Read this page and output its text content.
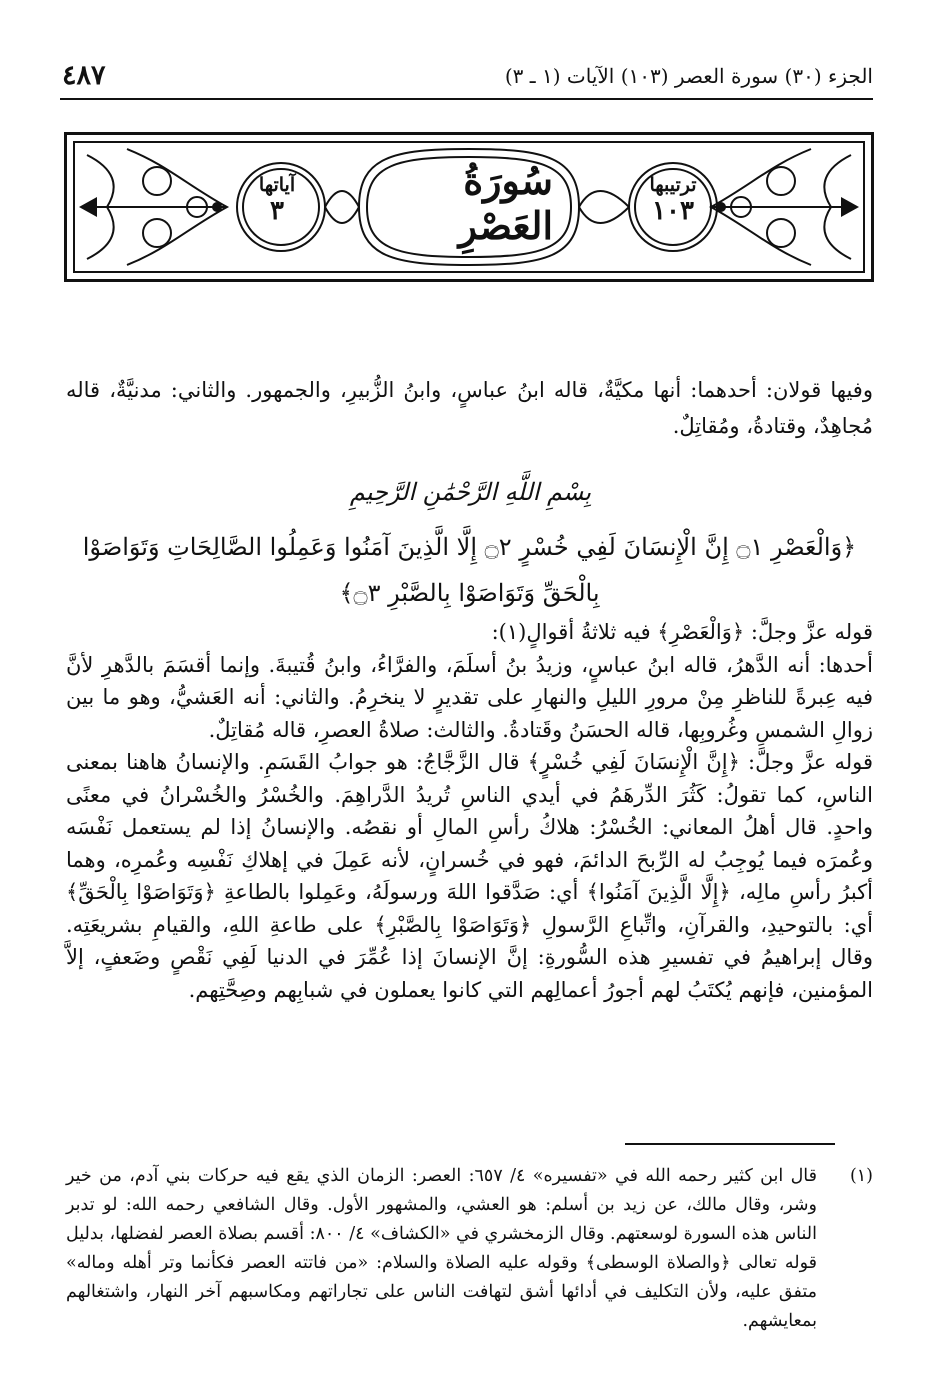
الجزء (٣٠) سورة العصر (١٠٣) الآيات (١ ـ ٣)
٤٨٧
آياتها
٣
سُورَةُ العَصْرِ
ترتيبها
١٠٣
وفيها قولان: أحدهما: أنها مكيَّةٌ، قاله ابنُ عباسٍ، وابنُ الزُّبيرِ، والجمهور. والثاني: مدنيَّةٌ، قاله مُجاهِدٌ، وقتادةُ، ومُقاتِلٌ.
بِسْمِ اللَّهِ الرَّحْمَٰنِ الرَّحِيمِ
﴿وَالْعَصْرِ ۝١ إِنَّ الْإِنسَانَ لَفِي خُسْرٍ ۝٢ إِلَّا الَّذِينَ آمَنُوا وَعَمِلُوا الصَّالِحَاتِ وَتَوَاصَوْا بِالْحَقِّ وَتَوَاصَوْا بِالصَّبْرِ ۝٣﴾

قوله عزَّ وجلَّ: ﴿وَالْعَصْرِ﴾ فيه ثلاثةُ أقوالٍ(١):

أحدها: أنه الدَّهرُ، قاله ابنُ عباسٍ، وزيدُ بنُ أسلَمَ، والفرَّاءُ، وابنُ قُتيبةَ. وإنما أقسَمَ بالدَّهرِ لأنَّ فيه عِبرةً للناظرِ مِنْ مرورِ الليلِ والنهارِ على تقديرٍ لا ينخرِمُ. والثاني: أنه العَشيُّ، وهو ما بين زوالِ الشمسِ وغُروبِها، قاله الحسَنُ وقَتادةُ. والثالث: صلاةُ العصرِ، قاله مُقاتِلٌ.

قوله عزَّ وجلَّ: ﴿إِنَّ الْإِنسَانَ لَفِي خُسْرٍ﴾ قال الزَّجَّاجُ: هو جوابُ القَسَمِ. والإنسانُ هاهنا بمعنى الناسِ، كما تقولُ: كَثُرَ الدِّرهَمُ في أيدي الناسِ تُريدُ الدَّراهِمَ. والخُسْرُ والخُسْرانُ في معنًى واحدٍ. قال أهلُ المعاني: الخُسْرُ: هلاكُ رأسِ المالِ أو نقصُه. والإنسانُ إذا لم يستعمل نَفْسَه وعُمرَه فيما يُوجِبُ له الرِّبحَ الدائمَ، فهو في خُسرانٍ، لأنه عَمِلَ في إهلاكِ نَفْسِه وعُمرِه، وهما أكبرُ رأسِ مالِه، ﴿إِلَّا الَّذِينَ آمَنُوا﴾ أي: صَدَّقوا اللهَ ورسولَهُ، وعَمِلوا بالطاعةِ ﴿وَتَوَاصَوْا بِالْحَقِّ﴾ أي: بالتوحيدِ، والقرآنِ، واتِّباعِ الرَّسولِ ﴿وَتَوَاصَوْا بِالصَّبْرِ﴾ على طاعةِ اللهِ، والقيامِ بشريعَتِه. وقال إبراهيمُ في تفسيرِ هذه السُّورةِ: إنَّ الإنسانَ إذا عُمِّرَ في الدنيا لَفِي نَقْصٍ وضَعفٍ، إلاَّ المؤمنين، فإنهم يُكتَبُ لهم أجورُ أعمالِهم التي كانوا يعملون في شبابِهم وصِحَّتِهم.

(١)
قال ابن كثير رحمه الله في «تفسيره» ٤/ ٦٥٧: العصر: الزمان الذي يقع فيه حركات بني آدم، من خير وشر، وقال مالك، عن زيد بن أسلم: هو العشي، والمشهور الأول. وقال الشافعي رحمه الله: لو تدبر الناس هذه السورة لوسعتهم. وقال الزمخشري في «الكشاف» ٤/ ٨٠٠: أقسم بصلاة العصر لفضلها، بدليل قوله تعالى ﴿والصلاة الوسطى﴾ وقوله عليه الصلاة والسلام: «من فاتته العصر فكأنما وتر أهله وماله» متفق عليه، ولأن التكليف في أدائها أشق لتهافت الناس على تجاراتهم ومكاسبهم آخر النهار، واشتغالهم بمعايشهم.
